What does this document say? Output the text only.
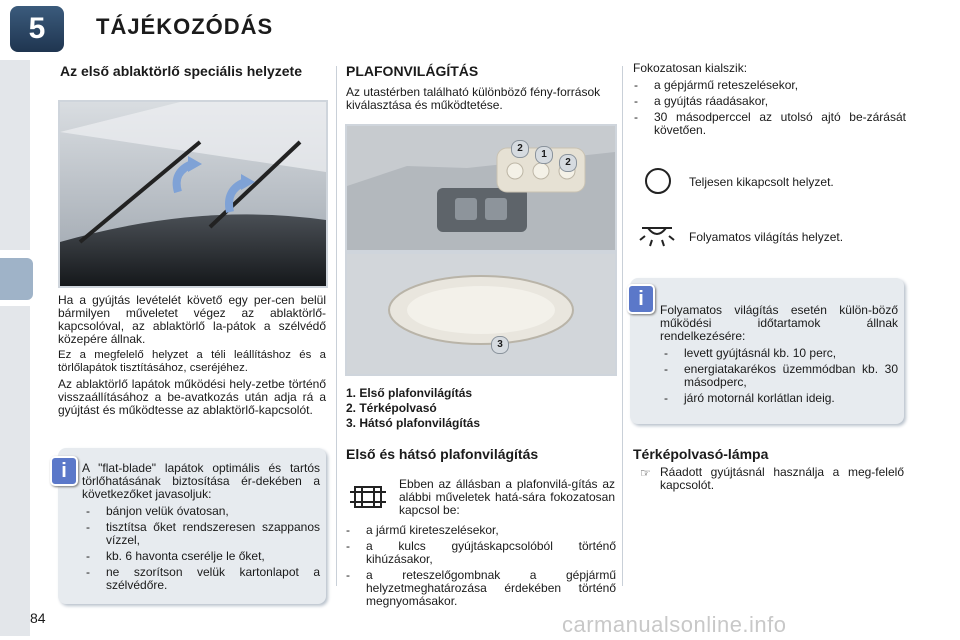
5	TÁJÉKOZÓDÁS
Az első ablaktörlő speciális helyzete

Ha a gyújtás levételét követő egy per-cen belül bármilyen műveletet végez az ablaktörlő-kapcsolóval, az ablaktörlő la-pátok a szélvédő közepére állnak.

Ez a megfelelő helyzet a téli leállításhoz és a törlőlapátok tisztításához, cseréjéhez.

Az ablaktörlő lapátok működési hely-zetbe történő visszaállításához a be-avatkozás után adja rá a gyújtást és működtesse az ablaktörlő-kapcsolót.

A "flat-blade" lapátok optimális és tartós törlőhatásának biztosítása ér-dekében a következőket javasoljuk:

- bánjon velük óvatosan,
- tisztítsa őket rendszeresen szappanos vízzel,
- kb. 6 havonta cserélje le őket,
- ne szorítson velük kartonlapot a szélvédőre.
i
84
PLAFONVILÁGÍTÁS

Az utastérben található különböző fény-források kiválasztása és működtetése.

2
1
2
3
1. Első plafonvilágítás
2. Térképolvasó
3. Hátsó plafonvilágítás
Első és hátsó plafonvilágítás

Ebben az állásban a plafonvilá-gítás az alábbi műveletek hatá-sára fokozatosan kapcsol be:

- a jármű kireteszelésekor,
- a kulcs gyújtáskapcsolóból történő kihúzásakor,
- a reteszelőgombnak a gépjármű helyzetmeghatározása érdekében történő megnyomásakor.

Fokozatosan kialszik:

- a gépjármű reteszelésekor,
- a gyújtás ráadásakor,
- 30 másodperccel az utolsó ajtó be-zárását követően.

Teljesen kikapcsolt helyzet.

Folyamatos világítás helyzet.

Folyamatos világítás esetén külön-böző működési időtartamok állnak rendelkezésére:

- levett gyújtásnál kb. 10 perc,
- energiatakarékos üzemmódban kb. 30 másodperc,
- járó motornál korlátlan ideig.
i
Térképolvasó-lámpa
☞ Ráadott gyújtásnál használja a meg-felelő kapcsolót.

carmanualsonline.info
